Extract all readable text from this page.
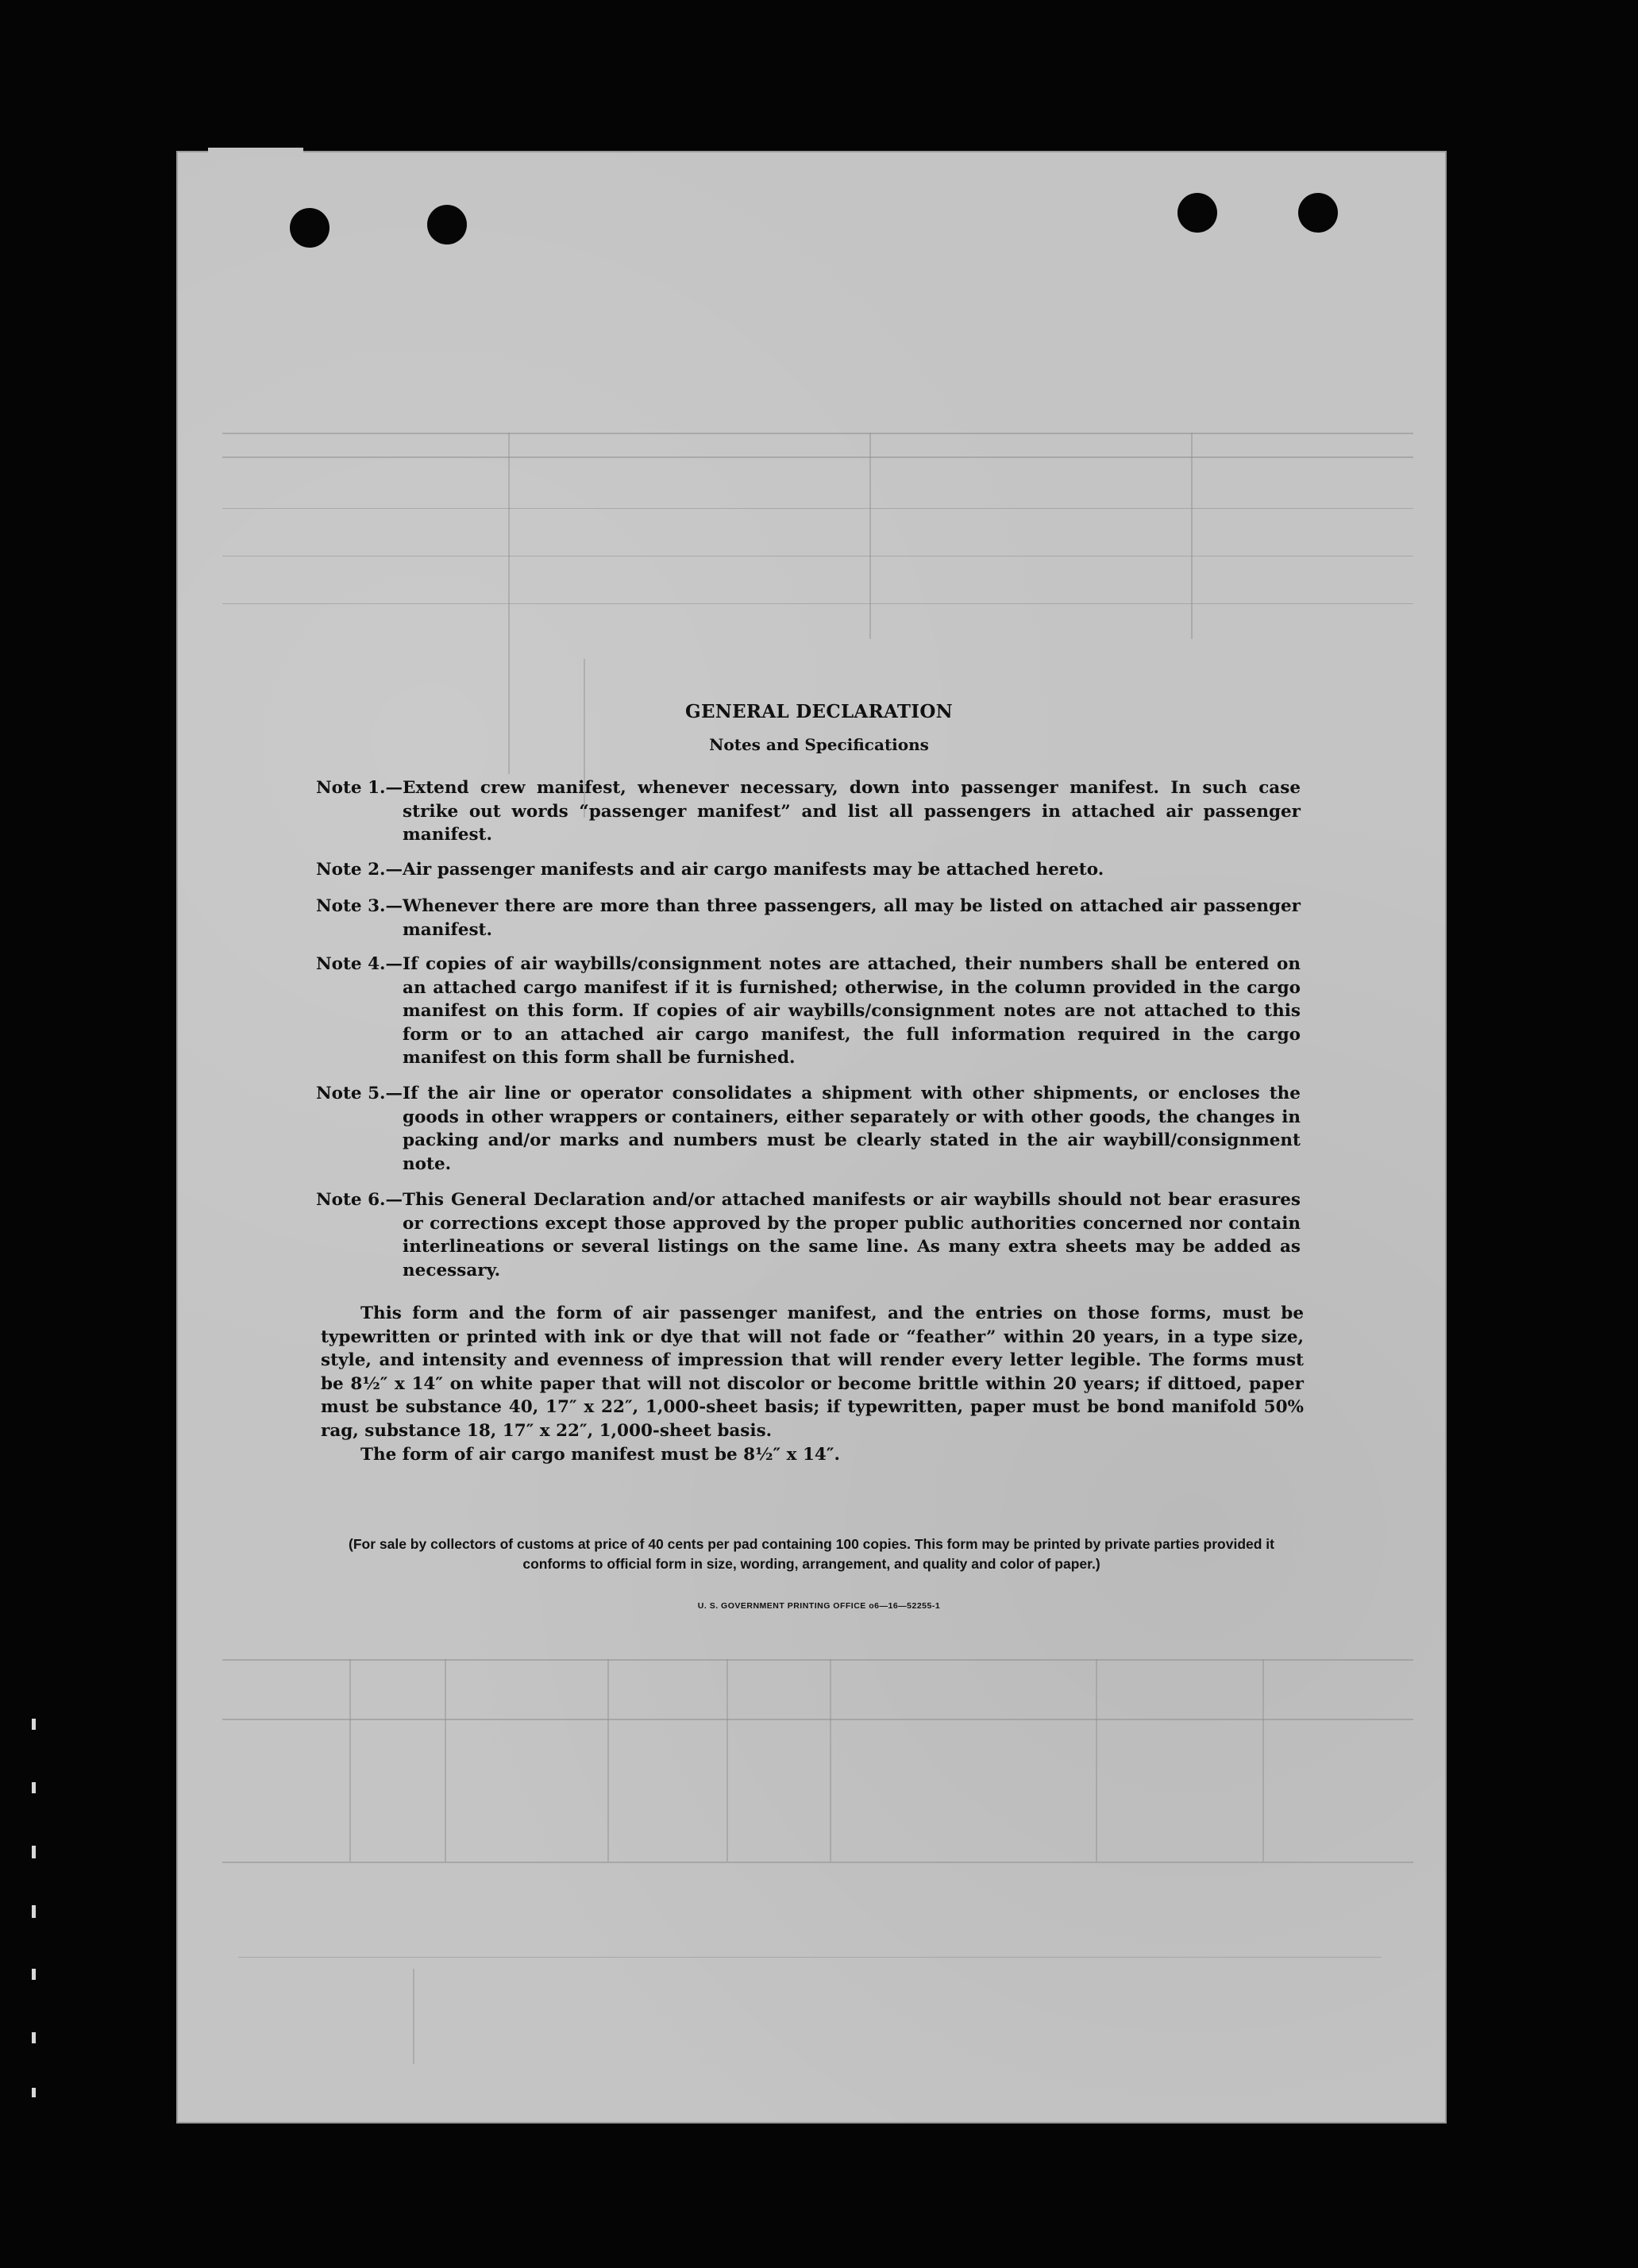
GENERAL DECLARATION
Notes and Specifications
Note 1. — Extend crew manifest, whenever necessary, down into passenger manifest. In such case strike out words “passenger manifest” and list all passengers in attached air passenger manifest.
Note 2. — Air passenger manifests and air cargo manifests may be attached hereto.
Note 3. — Whenever there are more than three passengers, all may be listed on attached air passenger manifest.
Note 4. — If copies of air waybills/consignment notes are attached, their numbers shall be entered on an attached cargo manifest if it is furnished; otherwise, in the column provided in the cargo manifest on this form. If copies of air waybills/consignment notes are not attached to this form or to an attached air cargo manifest, the full information required in the cargo manifest on this form shall be furnished.
Note 5. — If the air line or operator consolidates a shipment with other shipments, or encloses the goods in other wrappers or containers, either separately or with other goods, the changes in packing and/or marks and numbers must be clearly stated in the air waybill/consignment note.
Note 6. — This General Declaration and/or attached manifests or air waybills should not bear erasures or corrections except those approved by the proper public authorities concerned nor contain interlineations or several listings on the same line. As many extra sheets may be added as necessary.
This form and the form of air passenger manifest, and the entries on those forms, must be typewritten or printed with ink or dye that will not fade or “feather” within 20 years, in a type size, style, and intensity and evenness of impression that will render every letter legible. The forms must be 8½″ x 14″ on white paper that will not discolor or become brittle within 20 years; if dittoed, paper must be substance 40, 17″ x 22″, 1,000-sheet basis; if typewritten, paper must be bond manifold 50% rag, substance 18, 17″ x 22″, 1,000-sheet basis.
The form of air cargo manifest must be 8½″ x 14″.
(For sale by collectors of customs at price of 40 cents per pad containing 100 copies. This form may be printed by private parties provided it conforms to official form in size, wording, arrangement, and quality and color of paper.)
U. S. GOVERNMENT PRINTING OFFICE o6—16—52255-1
